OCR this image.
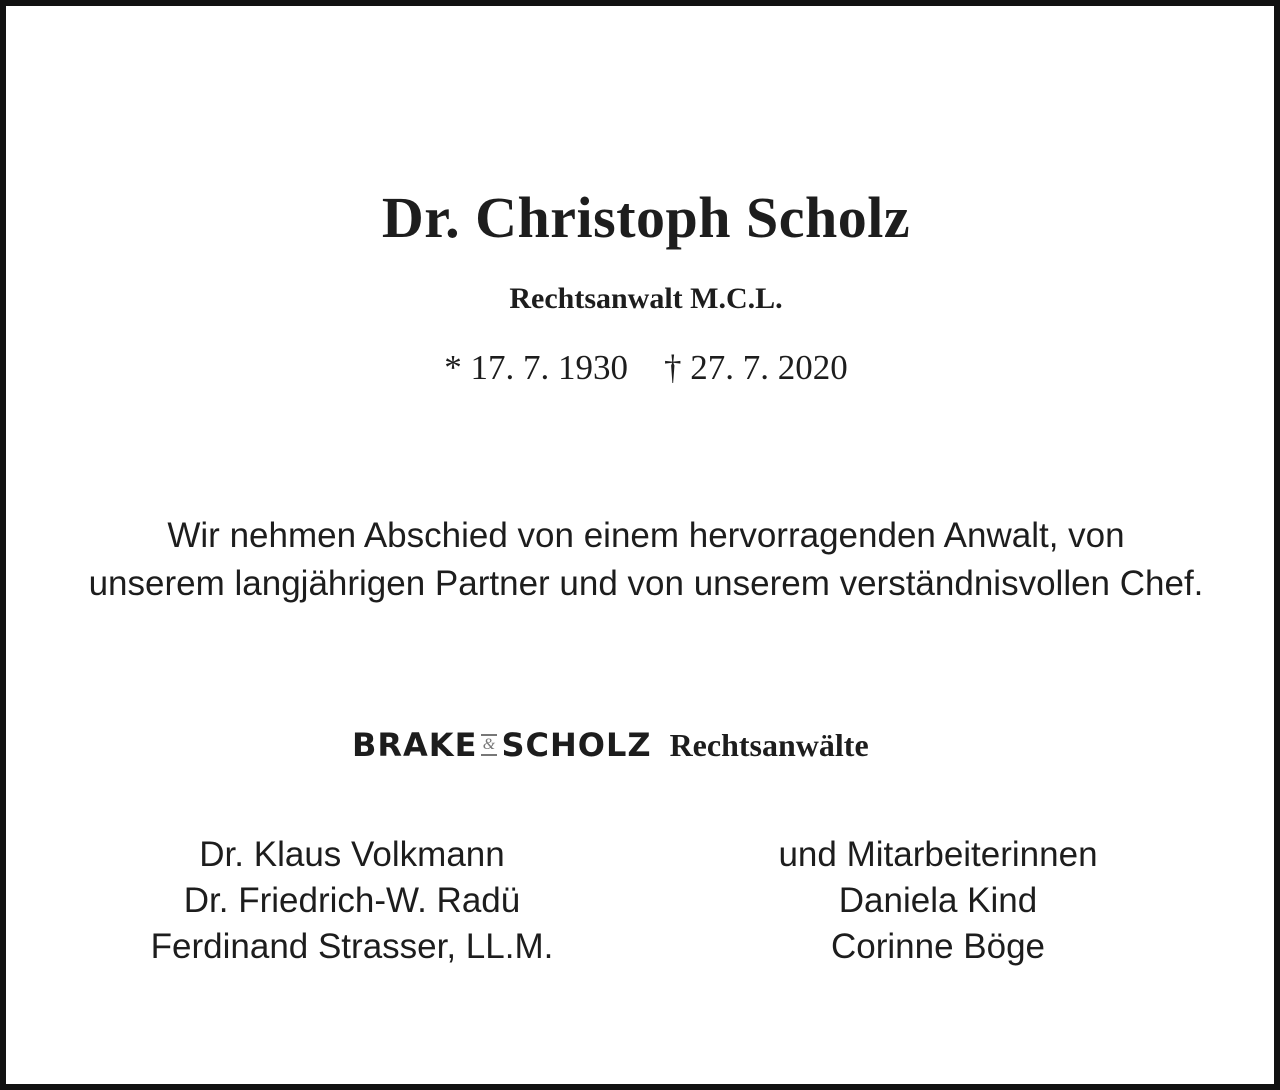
Dr. Christoph Scholz
Rechtsanwalt M.C.L.
* 17. 7. 1930 † 27. 7. 2020
Wir nehmen Abschied von einem hervorragenden Anwalt, von
unserem langjährigen Partner und von unserem verständnisvollen Chef.
BRAKE & SCHOLZ Rechtsanwälte
Dr. Klaus Volkmann
Dr. Friedrich-W. Radü
Ferdinand Strasser, LL.M.
und Mitarbeiterinnen
Daniela Kind
Corinne Böge
